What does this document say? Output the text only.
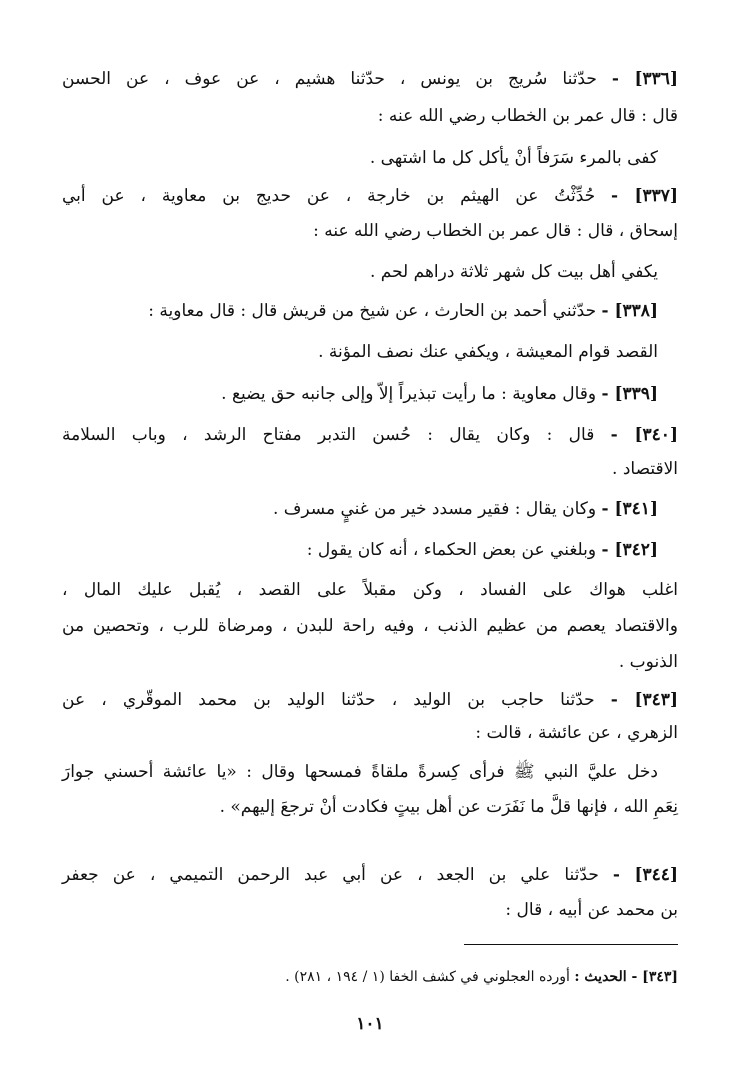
[٣٣٦] - حدّثنا سُريج بن يونس ، حدّثنا هشيم ، عن عوف ، عن الحسن
قال : قال عمر بن الخطاب رضي الله عنه :
كفى بالمرء سَرَفاً أنْ يأكل كل ما اشتهى .
[٣٣٧] - حُدِّثْتُ عن الهيثم بن خارجة ، عن حديج بن معاوية ، عن أبي
إسحاق ، قال : قال عمر بن الخطاب رضي الله عنه :
يكفي أهل بيت كل شهر ثلاثة دراهم لحم .
[٣٣٨] - حدّثني أحمد بن الحارث ، عن شيخ من قريش قال : قال معاوية :
القصد قوام المعيشة ، ويكفي عنك نصف المؤنة .
[٣٣٩] - وقال معاوية : ما رأيت تبذيراً إلاّ وإلى جانبه حق يضيع .
[٣٤٠] - قال : وكان يقال : حُسن التدبر مفتاح الرشد ، وباب السلامة
الاقتصاد .
[٣٤١] - وكان يقال : فقير مسدد خير من غنيٍ مسرف .
[٣٤٢] - وبلغني عن بعض الحكماء ، أنه كان يقول :
اغلب هواك على الفساد ، وكن مقبلاً على القصد ، يُقبل عليك المال ،
والاقتصاد يعصم من عظيم الذنب ، وفيه راحة للبدن ، ومرضاة للرب ، وتحصين من
الذنوب .
[٣٤٣] - حدّثنا حاجب بن الوليد ، حدّثنا الوليد بن محمد الموقّري ، عن
الزهري ، عن عائشة ، قالت :
دخل عليَّ النبي ﷺ فرأى كِسرةً ملقاةً فمسحها وقال : «يا عائشة أحسني جوارَ
نِعَمِ الله ، فإنها قلَّ ما نَفَرَت عن أهل بيتٍ فكادت أنْ ترجعَ إليهم» .
[٣٤٤] - حدّثنا علي بن الجعد ، عن أبي عبد الرحمن التميمي ، عن جعفر
بن محمد عن أبيه ، قال :
[٣٤٣] - الحديث : أورده العجلوني في كشف الخفا (١ / ١٩٤ ، ٢٨١) .
١٠١
